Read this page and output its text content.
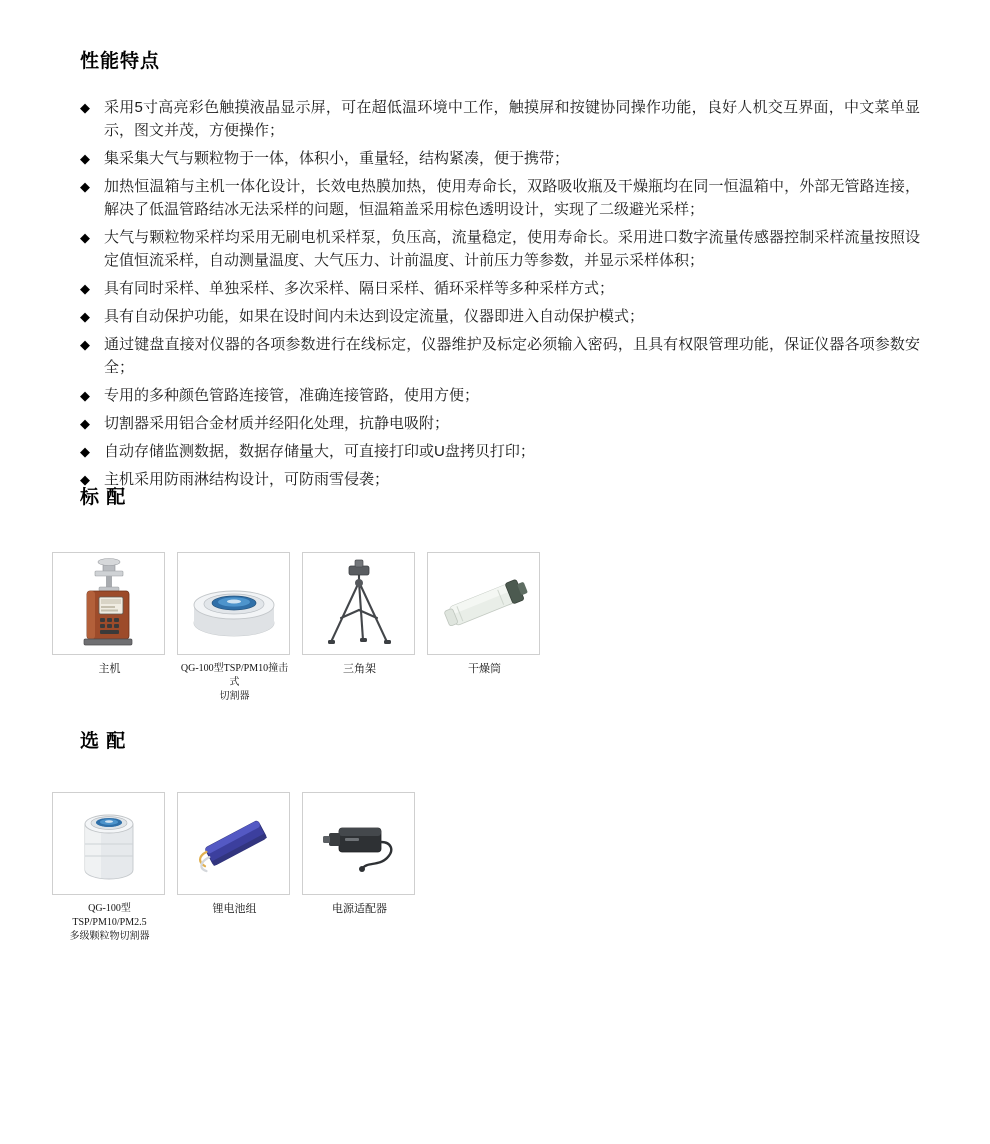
性能特点
◆ 采用5寸高亮彩色触摸液晶显示屏，可在超低温环境中工作，触摸屏和按键协同操作功能，良好人机交互界面，中文菜单显示，图文并茂，方便操作；
◆ 集采集大气与颗粒物于一体，体积小，重量轻，结构紧凑，便于携带；
◆ 加热恒温箱与主机一体化设计，长效电热膜加热，使用寿命长，双路吸收瓶及干燥瓶均在同一恒温箱中，外部无管路连接，解决了低温管路结冰无法采样的问题，恒温箱盖采用棕色透明设计，实现了二级避光采样；
◆ 大气与颗粒物采样均采用无刷电机采样泵，负压高，流量稳定，使用寿命长。采用进口数字流量传感器控制采样流量按照设定值恒流采样，自动测量温度、大气压力、计前温度、计前压力等参数，并显示采样体积；
◆ 具有同时采样、单独采样、多次采样、隔日采样、循环采样等多种采样方式；
◆ 具有自动保护功能，如果在设时间内未达到设定流量，仪器即进入自动保护模式；
◆ 通过键盘直接对仪器的各项参数进行在线标定，仪器维护及标定必须输入密码，且具有权限管理功能，保证仪器各项参数安全；
◆ 专用的多种颜色管路连接管，准确连接管路，使用方便；
◆ 切割器采用铝合金材质并经阳化处理，抗静电吸附；
◆ 自动存储监测数据，数据存储量大，可直接打印或U盘拷贝打印；
◆ 主机采用防雨淋结构设计，可防雨雪侵袭；
标 配
主机	QG-100型TSP/PM10撞击式
切割器
三角架	干燥筒
选 配
QG-100型TSP/PM10/PM2.5
多级颗粒物切割器
锂电池组	电源适配器
